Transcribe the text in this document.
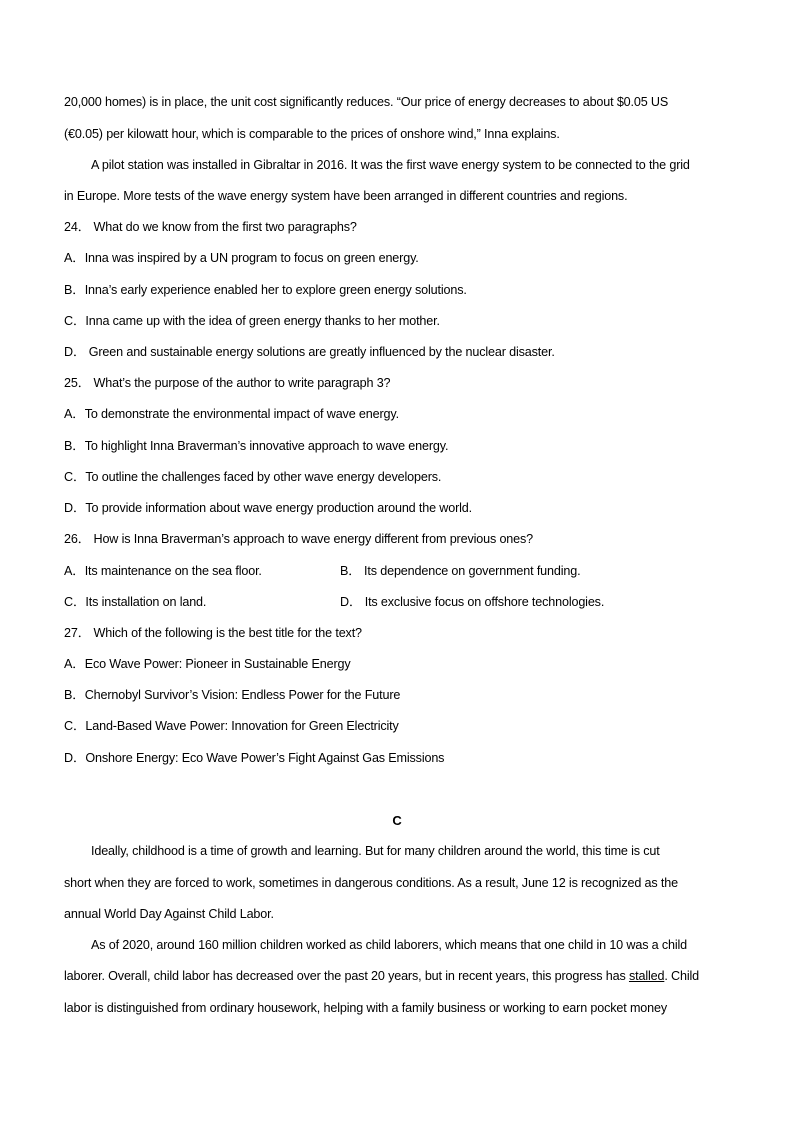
20,000 homes) is in place, the unit cost significantly reduces. “Our price of energy decreases to about $0.05 US
(€0.05) per kilowatt hour, which is comparable to the prices of onshore wind,” Inna explains.
A pilot station was installed in Gibraltar in 2016. It was the first wave energy system to be connected to the grid
in Europe. More tests of the wave energy system have been arranged in different countries and regions.
24． What do we know from the first two paragraphs?
A．Inna was inspired by a UN program to focus on green energy.
B．Inna’s early experience enabled her to explore green energy solutions.
C．Inna came up with the idea of green energy thanks to her mother.
D． Green and sustainable energy solutions are greatly influenced by the nuclear disaster.
25． What’s the purpose of the author to write paragraph 3?
A．To demonstrate the environmental impact of wave energy.
B．To highlight Inna Braverman’s innovative approach to wave energy.
C．To outline the challenges faced by other wave energy developers.
D．To provide information about wave energy production around the world.
26． How is Inna Braverman’s approach to wave energy different from previous ones?
A．Its maintenance on the sea floor.	B． Its dependence on government funding.
C．Its installation on land.	D． Its exclusive focus on offshore technologies.
27． Which of the following is the best title for the text?
A．Eco Wave Power: Pioneer in Sustainable Energy
B．Chernobyl Survivor’s Vision: Endless Power for the Future
C．Land-Based Wave Power: Innovation for Green Electricity
D．Onshore Energy: Eco Wave Power’s Fight Against Gas Emissions
C
Ideally, childhood is a time of growth and learning. But for many children around the world, this time is cut
short when they are forced to work, sometimes in dangerous conditions. As a result, June 12 is recognized as the
annual World Day Against Child Labor.
As of 2020, around 160 million children worked as child laborers, which means that one child in 10 was a child
laborer. Overall, child labor has decreased over the past 20 years, but in recent years, this progress has stalled. Child
labor is distinguished from ordinary housework, helping with a family business or working to earn pocket money
